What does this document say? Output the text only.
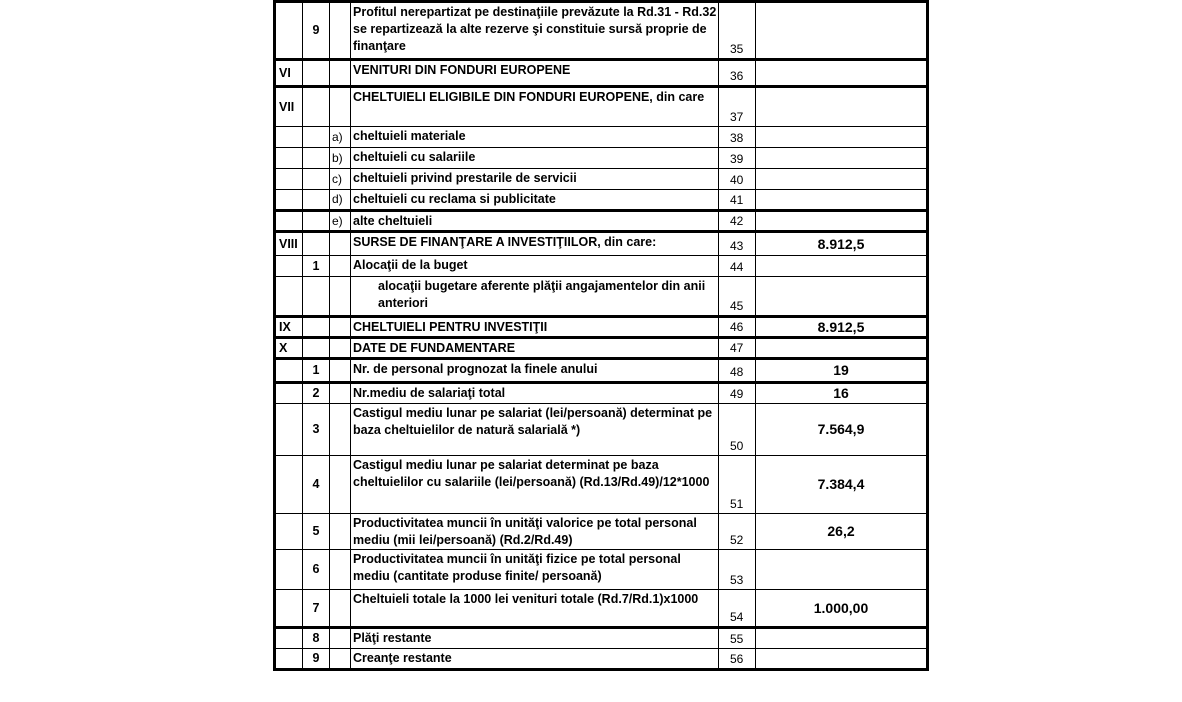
	9		Profitul nerepartizat pe destinaţiile prevăzute la Rd.31 - Rd.32 se repartizează la alte rezerve şi constituie sursă proprie de finanţare	35	
VI			VENITURI DIN FONDURI EUROPENE	36	
VII			CHELTUIELI ELIGIBILE DIN FONDURI EUROPENE, din care	37	
		a)	cheltuieli materiale	38	
		b)	cheltuieli cu salariile	39	
		c)	cheltuieli privind prestarile de servicii	40	
		d)	cheltuieli cu reclama si publicitate	41	
		e)	alte cheltuieli	42	
VIII			SURSE DE FINANŢARE A INVESTIŢIILOR, din care:	43	8.912,5
	1		Alocaţii de la buget	44	
			alocaţii bugetare aferente plăţii angajamentelor din anii anteriori	45	
IX			CHELTUIELI PENTRU INVESTIŢII	46	8.912,5
X			DATE DE FUNDAMENTARE	47	
	1		Nr. de personal prognozat la finele anului	48	19
	2		Nr.mediu de salariaţi total	49	16
	3		Castigul mediu lunar pe salariat (lei/persoană) determinat pe baza cheltuielilor de natură salarială *)	50	7.564,9
	4		Castigul mediu lunar pe salariat determinat pe baza cheltuielilor cu salariile (lei/persoană) (Rd.13/Rd.49)/12*1000	51	7.384,4
	5		Productivitatea muncii în unităţi valorice pe total personal mediu (mii lei/persoană) (Rd.2/Rd.49)	52	26,2
	6		Productivitatea muncii în unităţi fizice pe total personal mediu (cantitate produse finite/ persoană)	53	
	7		Cheltuieli totale la 1000 lei venituri totale (Rd.7/Rd.1)x1000	54	1.000,00
	8		Plăţi restante	55	
	9		Creanţe restante	56	
